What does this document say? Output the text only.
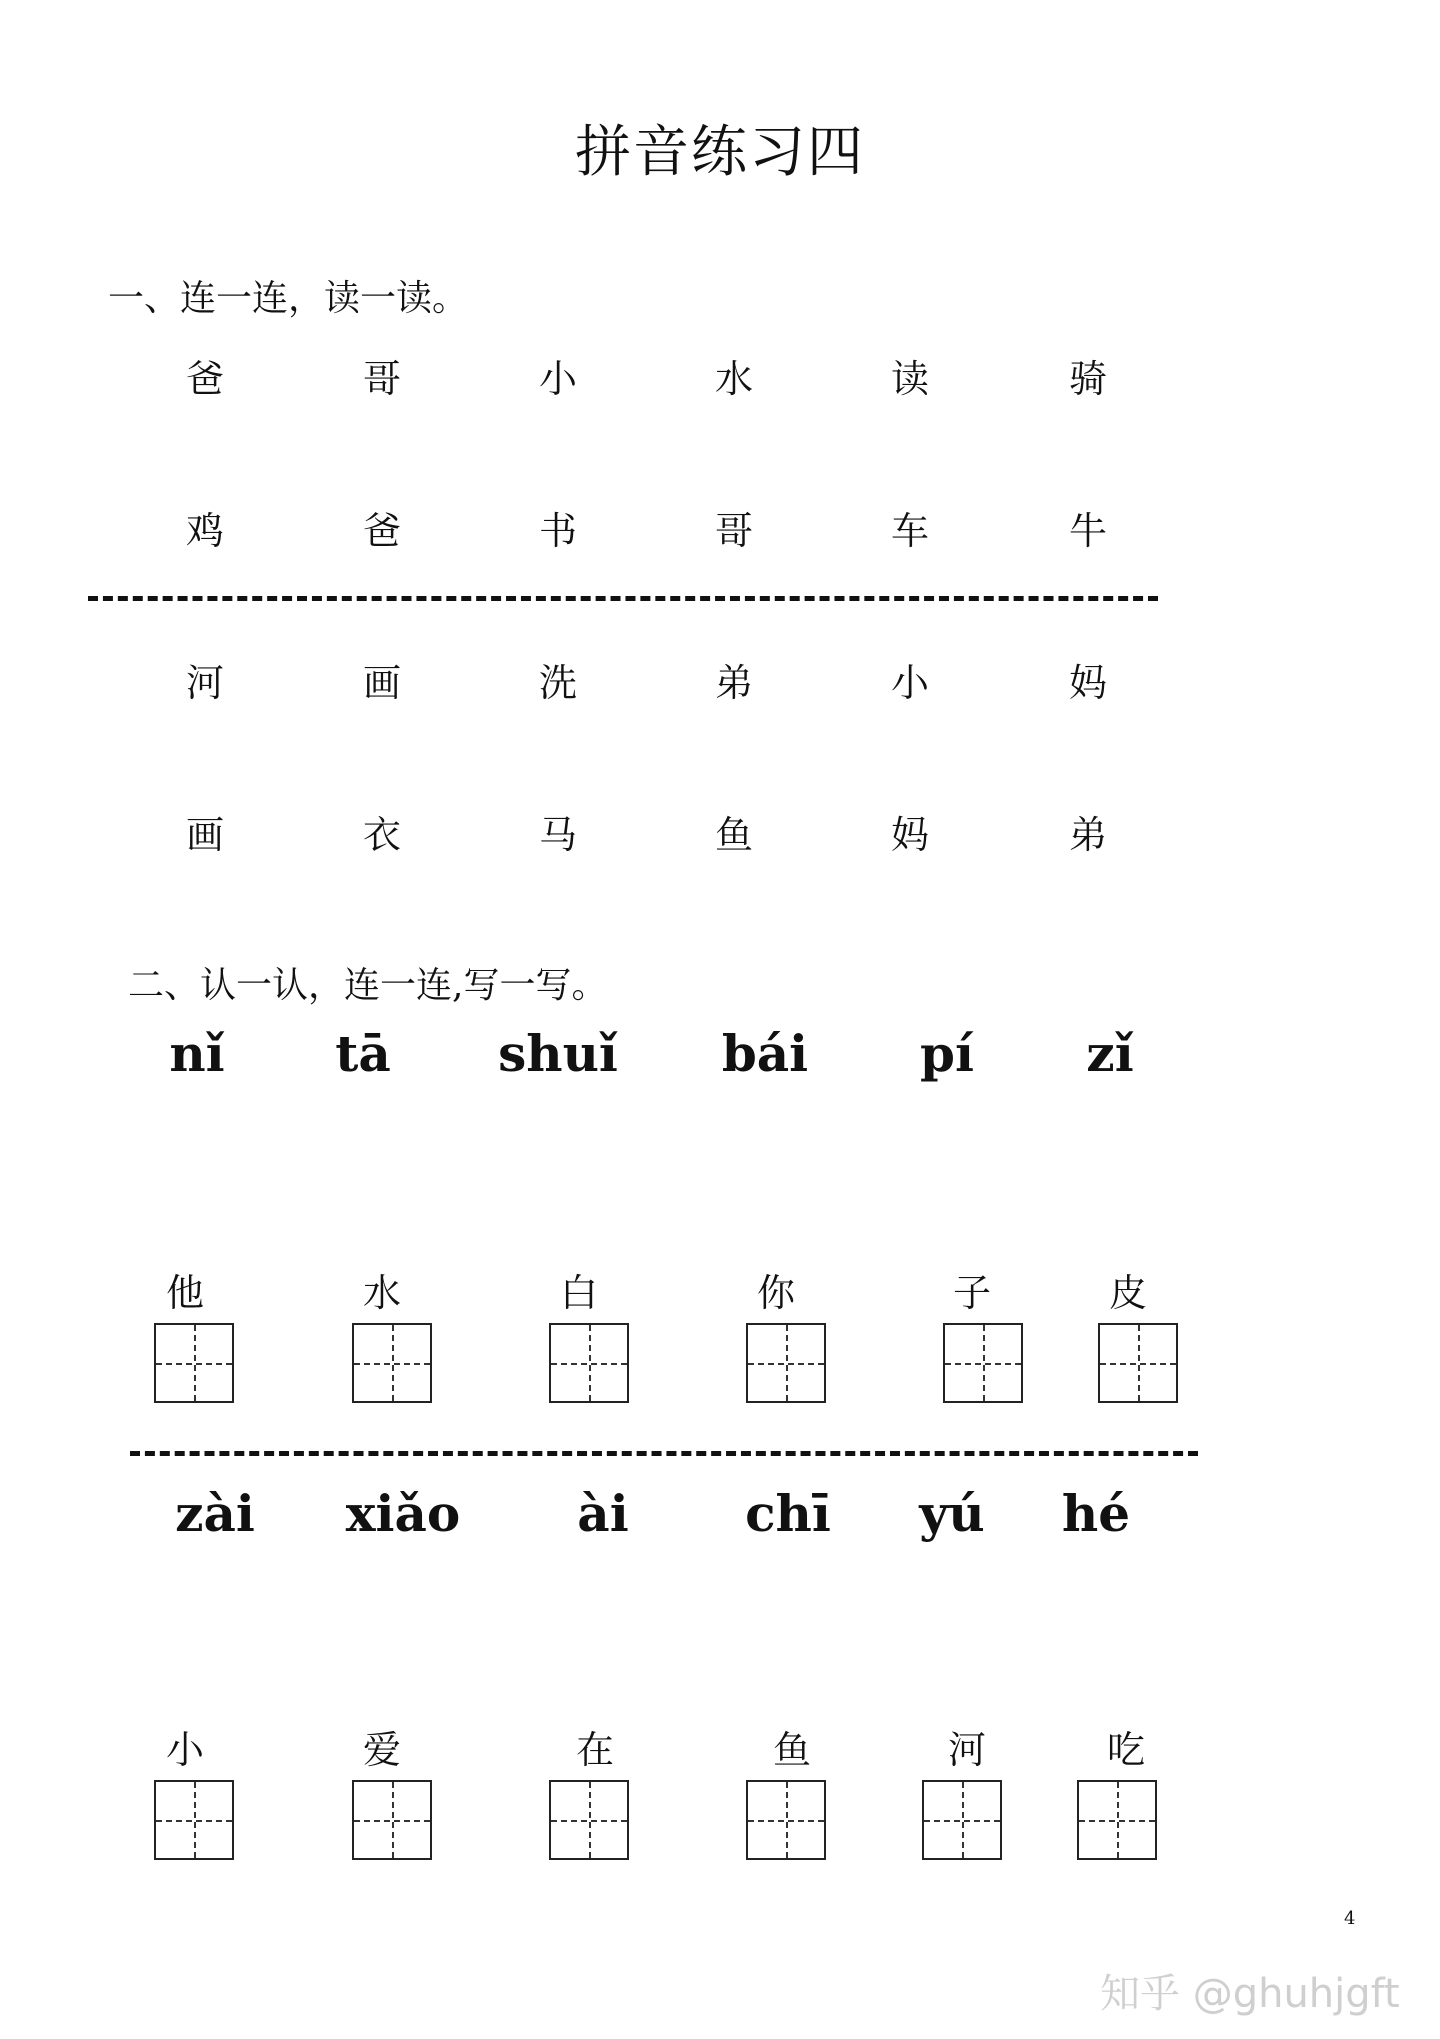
拼音练习四
一、连一连，读一读。
爸	哥	小	水	读	骑
鸡	爸	书	哥	车	牛
河	画	洗	弟	小	妈
画	衣	马	鱼	妈	弟
二、认一认，连一连,写一写。
nǐ	tā	shuǐ	bái	pí	zǐ
他	水	白	你	子	皮
zài	xiǎo	ài	chī	yú	hé
小	爱	在	鱼	河	吃
4
知乎 @ghuhjgft
